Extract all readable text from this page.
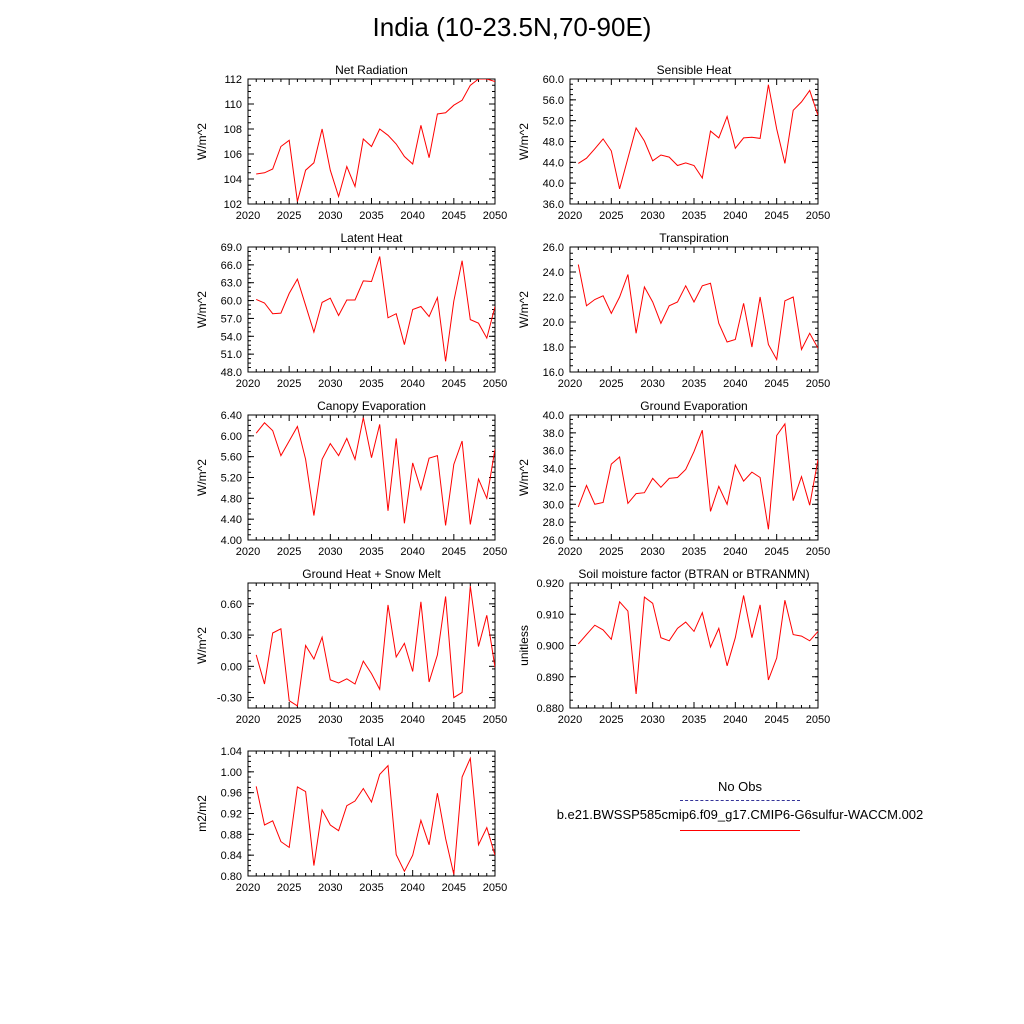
India (10-23.5N,70-90E)
Net Radiation
W/m^2
2020 2025 2030 2035 2040 2045 2050
102
104
106
108
110
112
Sensible Heat
W/m^2
2020 2025 2030 2035 2040 2045 2050
36.0
40.0
44.0
48.0
52.0
56.0
60.0
Latent Heat
W/m^2
2020 2025 2030 2035 2040 2045 2050
48.0
51.0
54.0
57.0
60.0
63.0
66.0
69.0
Transpiration
W/m^2
2020 2025 2030 2035 2040 2045 2050
16.0
18.0
20.0
22.0
24.0
26.0
Canopy Evaporation
W/m^2
2020 2025 2030 2035 2040 2045 2050
4.00
4.40
4.80
5.20
5.60
6.00
6.40
Ground Evaporation
W/m^2
2020 2025 2030 2035 2040 2045 2050
26.0
28.0
30.0
32.0
34.0
36.0
38.0
40.0
Ground Heat + Snow Melt
W/m^2
2020 2025 2030 2035 2040 2045 2050
-0.30
0.00
0.30
0.60
Soil moisture factor (BTRAN or BTRANMN)
unitless
2020 2025 2030 2035 2040 2045 2050
0.880
0.890
0.900
0.910
0.920
Total LAI
m2/m2
2020 2025 2030 2035 2040 2045 2050
0.80
0.84
0.88
0.92
0.96
1.00
1.04
No Obs
b.e21.BWSSP585cmip6.f09_g17.CMIP6-G6sulfur-WACCM.002
